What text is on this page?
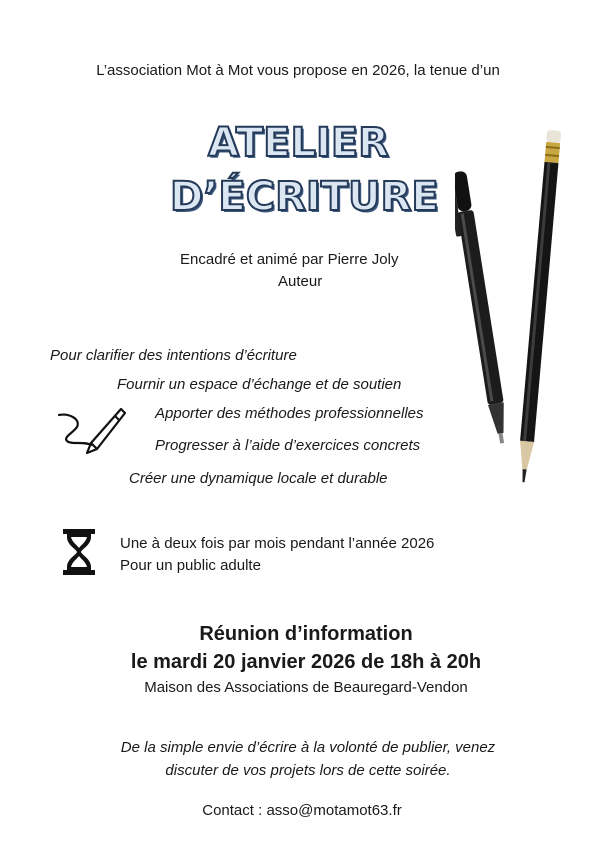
L’association Mot à Mot vous propose en 2026, la tenue d’un
ATELIER
D’ÉCRITURE
Encadré et animé par Pierre Joly
Auteur
Pour clarifier des intentions d’écriture
Fournir un espace d’échange et de soutien
Apporter des méthodes professionnelles
Progresser à l’aide d’exercices concrets
Créer une dynamique locale et durable
Une à deux fois par mois pendant l’année 2026
Pour un public adulte
Réunion d’information
le mardi 20 janvier 2026 de 18h à 20h
Maison des Associations de Beauregard-Vendon
De la simple envie d’écrire à la volonté de publier, venez
discuter de vos projets lors de cette soirée.
Contact : asso@motamot63.fr
